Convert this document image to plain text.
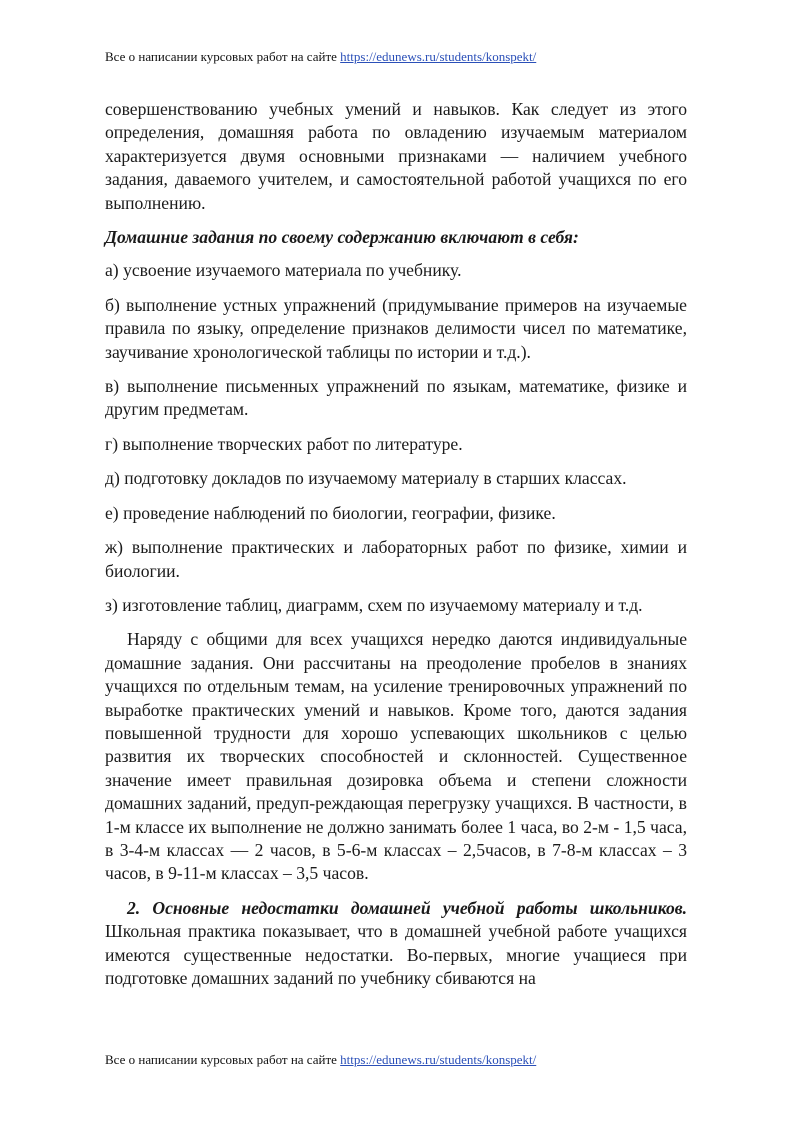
Все о написании курсовых работ на сайте https://edunews.ru/students/konspekt/

совершенствованию учебных умений и навыков. Как следует из этого определения, домашняя работа по овладению изучаемым материалом характеризуется двумя основными признаками — наличием учебного задания, даваемого учителем, и самостоятельной работой учащихся по его выполнению.

Домашние задания по своему содержанию включают в себя:

а) усвоение изучаемого материала по учебнику.

б) выполнение устных упражнений (придумывание примеров на изучаемые правила по языку, определение признаков делимости чисел по математике, заучивание хронологической таблицы по истории и т.д.).

в) выполнение письменных упражнений по языкам, математике, физике и другим предметам.

г) выполнение творческих работ по литературе.

д) подготовку докладов по изучаемому материалу в старших классах.

е) проведение наблюдений по биологии, географии, физике.

ж) выполнение практических и лабораторных работ по физике, химии и биологии.

з) изготовление таблиц, диаграмм, схем по изучаемому материалу и т.д.

Наряду с общими для всех учащихся нередко даются индивидуальные домашние задания. Они рассчитаны на преодоление пробелов в знаниях учащихся по отдельным темам, на усиление тренировочных упражнений по выработке практических умений и навыков. Кроме того, даются задания повышенной трудности для хорошо успевающих школьников с целью развития их творческих способностей и склонностей. Существенное значение имеет правильная дозировка объема и степени сложности домашних заданий, предуп-реждающая перегрузку учащихся. В частности, в 1-м классе их выполнение не должно занимать более 1 часа, во 2-м - 1,5 часа, в 3-4-м классах — 2 часов, в 5-6-м классах – 2,5часов, в 7-8-м классах – 3 часов, в 9-11-м классах – 3,5 часов.

2. Основные недостатки домашней учебной работы школьников. Школьная практика показывает, что в домашней учебной работе учащихся имеются существенные недостатки. Во-первых, многие учащиеся при подготовке домашних заданий по учебнику сбиваются на

Все о написании курсовых работ на сайте https://edunews.ru/students/konspekt/
